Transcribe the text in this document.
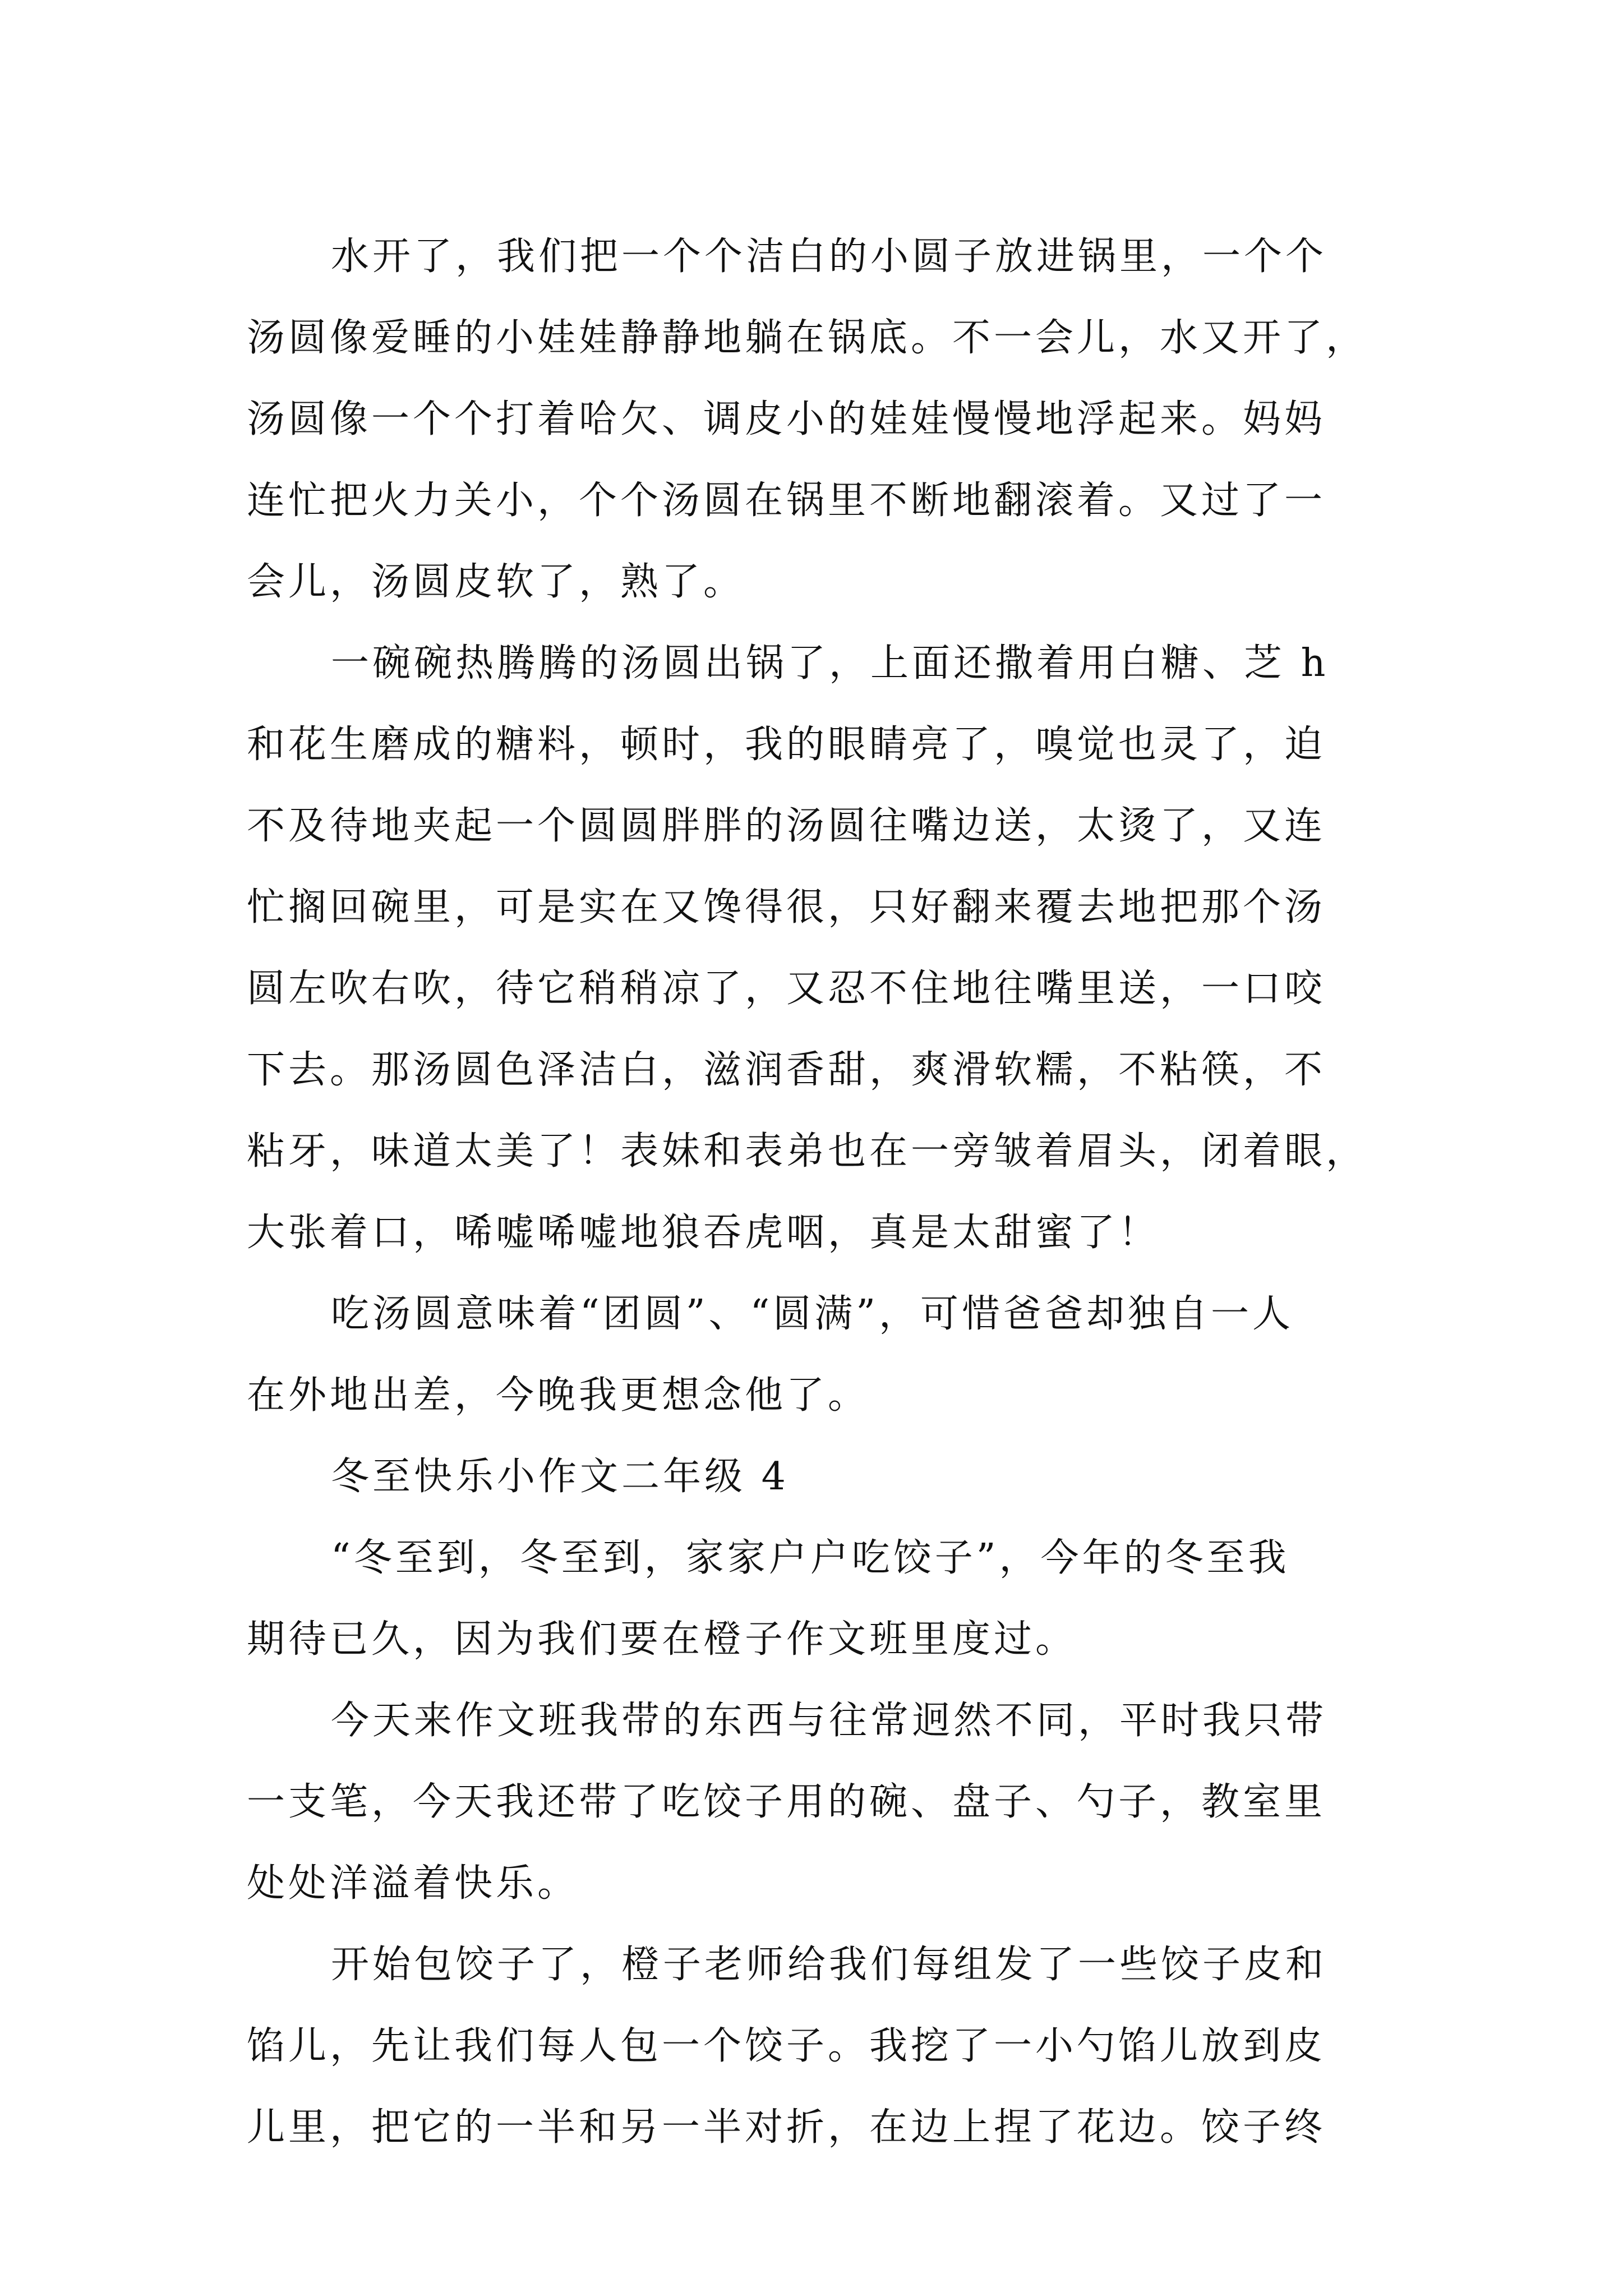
水开了，我们把一个个洁白的小圆子放进锅里，一个个
汤圆像爱睡的小娃娃静静地躺在锅底。不一会儿，水又开了，
汤圆像一个个打着哈欠、调皮小的娃娃慢慢地浮起来。妈妈
连忙把火力关小，个个汤圆在锅里不断地翻滚着。又过了一
会儿，汤圆皮软了，熟了。
一碗碗热腾腾的汤圆出锅了，上面还撒着用白糖、芝 h
和花生磨成的糖料，顿时，我的眼睛亮了，嗅觉也灵了，迫
不及待地夹起一个圆圆胖胖的汤圆往嘴边送，太烫了，又连
忙搁回碗里，可是实在又馋得很，只好翻来覆去地把那个汤
圆左吹右吹，待它稍稍凉了，又忍不住地往嘴里送，一口咬
下去。那汤圆色泽洁白，滋润香甜，爽滑软糯，不粘筷，不
粘牙，味道太美了！表妹和表弟也在一旁皱着眉头，闭着眼，
大张着口，唏嘘唏嘘地狼吞虎咽，真是太甜蜜了！
吃汤圆意味着“团圆”、“圆满”，可惜爸爸却独自一人
在外地出差，今晚我更想念他了。
冬至快乐小作文二年级 4
“冬至到，冬至到，家家户户吃饺子”，今年的冬至我
期待已久，因为我们要在橙子作文班里度过。
今天来作文班我带的东西与往常迥然不同，平时我只带
一支笔，今天我还带了吃饺子用的碗、盘子、勺子，教室里
处处洋溢着快乐。
开始包饺子了，橙子老师给我们每组发了一些饺子皮和
馅儿，先让我们每人包一个饺子。我挖了一小勺馅儿放到皮
儿里，把它的一半和另一半对折，在边上捏了花边。饺子终
